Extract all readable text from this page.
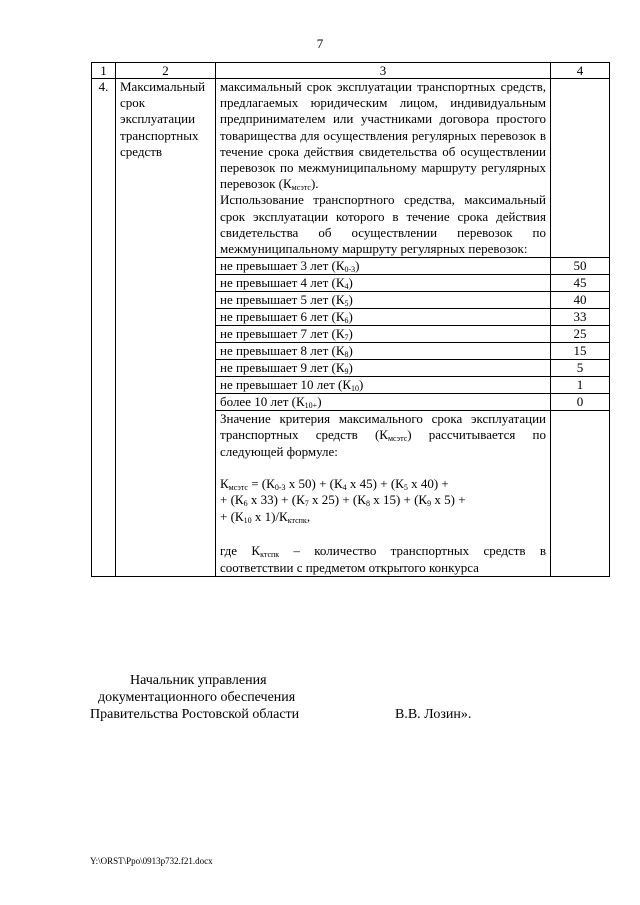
7
1	2	3	4
4.	Максимальный срок эксплуатации транспортных средств	максимальный срок эксплуатации транспортных средств, предлагаемых юридическим лицом, индивидуальным предпринимателем или участниками договора простого товарищества для осуществления регулярных перевозок в течение срока действия свидетельства об осуществлении перевозок по межмуниципальному маршруту регулярных перевозок $(К_{мсэтс})$.
Использование транспортного средства, максимальный срок эксплуатации которого в течение срока действия свидетельства об осуществлении перевозок по межмуниципальному маршруту регулярных перевозок:	
		не превышает 3 лет $(К_{0-3})$	50
		не превышает 4 лет $(К_4)$	45
		не превышает 5 лет $(К_5)$	40
		не превышает 6 лет $(К_6)$	33
		не превышает 7 лет $(К_7)$	25
		не превышает 8 лет $(К_8)$	15
		не превышает 9 лет $(К_9)$	5
		не превышает 10 лет $(К_{10})$	1
		более 10 лет $(К_{10+})$	0

		Значение критерия максимального срока эксплуатации транспортных средств $(К_{мсэтс})$ рассчитывается по следующей формуле:
$К_{мсэтс} = (К_{0-3}$ х $50) + (К_4$ х $45) + (К_5$ х 40) +
+ ($К_6$ х $33) + (К_7$ х $25) + (К_8$ х $15) + (К_9$ х 5) +
+ ($К_{10}$ х $1)/К_{ктспк}$,
где $К_{ктспк}$ – количество транспортных средств в соответствии с предметом открытого конкурса	

Начальник управления
документационного обеспечения
Правительства Ростовской области	В.В. Лозин».
Y:\ORST\Ppo\0913p732.f21.docx
